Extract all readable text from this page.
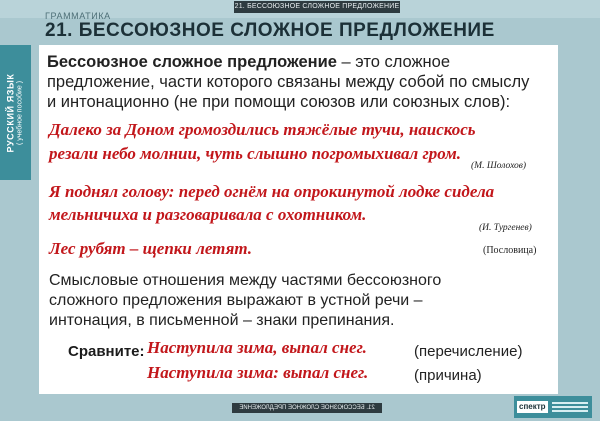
21. БЕССОЮЗНОЕ СЛОЖНОЕ ПРЕДЛОЖЕНИЕ
ГРАММАТИКА
21. БЕССОЮЗНОЕ СЛОЖНОЕ ПРЕДЛОЖЕНИЕ
РУССКИЙ ЯЗЫК ( учебное пособие )
Бессоюзное сложное предложение – это сложное
предложение, части которого связаны между собой по смыслу
и интонационно (не при помощи союзов или союзных слов):
Далеко за Доном громоздились тяжёлые тучи, наискось
резали небо молнии, чуть слышно погромыхивал гром.
(М. Шолохов)
Я поднял голову: перед огнём на опрокинутой лодке сидела
мельничиха и разговаривала с охотником.
(И. Тургенев)
Лес рубят – щепки летят.	(Пословица)
Смысловые отношения между частями бессоюзного
сложного предложения выражают в устной речи –
интонация, в письменной – знаки препинания.
Сравните: Наступила зима, выпал снег.	(перечисление)
Наступила зима: выпал снег.	(причина)
21. БЕССОЮЗНОЕ СЛОЖНОЕ ПРЕДЛОЖЕНИЕ	спектр
